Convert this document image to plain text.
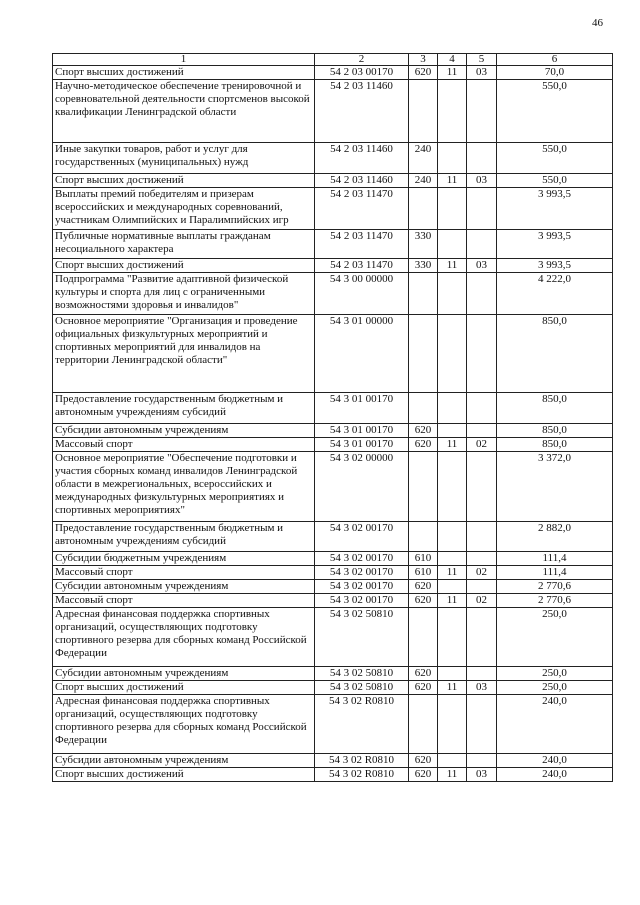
46
1	2	3	4	5	6
Спорт высших достижений	54 2 03 00170	620	11	03	70,0
Научно-методическое обеспечение тренировочной и соревновательной деятельности спортсменов высокой квалификации Ленинградской области	54 2 03 11460				550,0
Иные закупки товаров, работ и услуг для государственных (муниципальных) нужд	54 2 03 11460	240			550,0
Спорт высших достижений	54 2 03 11460	240	11	03	550,0
Выплаты премий победителям и призерам всероссийских и международных соревнований, участникам Олимпийских и Паралимпийских игр	54 2 03 11470				3 993,5
Публичные нормативные выплаты гражданам несоциального характера	54 2 03 11470	330			3 993,5
Спорт высших достижений	54 2 03 11470	330	11	03	3 993,5
Подпрограмма "Развитие адаптивной физической культуры и спорта для лиц с ограниченными возможностями здоровья и инвалидов"	54 3 00 00000				4 222,0
Основное мероприятие "Организация и проведение официальных физкультурных мероприятий и спортивных мероприятий для инвалидов на территории Ленинградской области"	54 3 01 00000				850,0
Предоставление государственным бюджетным и автономным учреждениям субсидий	54 3 01 00170				850,0
Субсидии автономным учреждениям	54 3 01 00170	620			850,0
Массовый спорт	54 3 01 00170	620	11	02	850,0
Основное мероприятие "Обеспечение подготовки и участия сборных команд инвалидов Ленинградской области в межрегиональных, всероссийских и международных физкультурных мероприятиях и спортивных мероприятиях"	54 3 02 00000				3 372,0
Предоставление государственным бюджетным и автономным учреждениям субсидий	54 3 02 00170				2 882,0
Субсидии бюджетным учреждениям	54 3 02 00170	610			111,4
Массовый спорт	54 3 02 00170	610	11	02	111,4
Субсидии автономным учреждениям	54 3 02 00170	620			2 770,6
Массовый спорт	54 3 02 00170	620	11	02	2 770,6
Адресная финансовая поддержка спортивных организаций, осуществляющих подготовку спортивного резерва для сборных команд Российской Федерации	54 3 02 50810				250,0
Субсидии автономным учреждениям	54 3 02 50810	620			250,0
Спорт высших достижений	54 3 02 50810	620	11	03	250,0
Адресная финансовая поддержка спортивных организаций, осуществляющих подготовку спортивного резерва для сборных команд Российской Федерации	54 3 02 R0810				240,0
Субсидии автономным учреждениям	54 3 02 R0810	620			240,0
Спорт высших достижений	54 3 02 R0810	620	11	03	240,0
